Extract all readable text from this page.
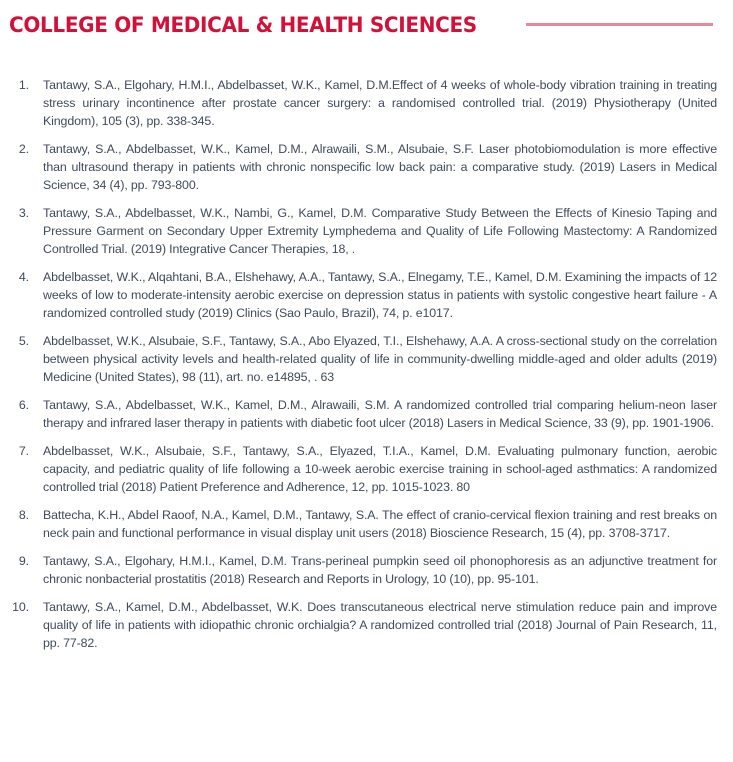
COLLEGE OF MEDICAL & HEALTH SCIENCES
1. Tantawy, S.A., Elgohary, H.M.I., Abdelbasset, W.K., Kamel, D.M.Effect of 4 weeks of whole-body vibration training in treating stress urinary incontinence after prostate cancer surgery: a randomised controlled trial. (2019) Physiotherapy (United Kingdom), 105 (3), pp. 338-345.
2. Tantawy, S.A., Abdelbasset, W.K., Kamel, D.M., Alrawaili, S.M., Alsubaie, S.F. Laser photobiomodulation is more effective than ultrasound therapy in patients with chronic nonspecific low back pain: a comparative study. (2019) Lasers in Medical Science, 34 (4), pp. 793-800.
3. Tantawy, S.A., Abdelbasset, W.K., Nambi, G., Kamel, D.M. Comparative Study Between the Effects of Kinesio Taping and Pressure Garment on Secondary Upper Extremity Lymphedema and Quality of Life Following Mastectomy: A Randomized Controlled Trial. (2019) Integrative Cancer Therapies, 18, .
4. Abdelbasset, W.K., Alqahtani, B.A., Elshehawy, A.A., Tantawy, S.A., Elnegamy, T.E., Kamel, D.M. Examining the impacts of 12 weeks of low to moderate-intensity aerobic exercise on depression status in patients with systolic congestive heart failure - A randomized controlled study (2019) Clinics (Sao Paulo, Brazil), 74, p. e1017.
5. Abdelbasset, W.K., Alsubaie, S.F., Tantawy, S.A., Abo Elyazed, T.I., Elshehawy, A.A. A cross-sectional study on the correlation between physical activity levels and health-related quality of life in community-dwelling middle-aged and older adults (2019) Medicine (United States), 98 (11), art. no. e14895, . 63
6. Tantawy, S.A., Abdelbasset, W.K., Kamel, D.M., Alrawaili, S.M. A randomized controlled trial comparing helium-neon laser therapy and infrared laser therapy in patients with diabetic foot ulcer (2018) Lasers in Medical Science, 33 (9), pp. 1901-1906.
7. Abdelbasset, W.K., Alsubaie, S.F., Tantawy, S.A., Elyazed, T.I.A., Kamel, D.M. Evaluating pulmonary function, aerobic capacity, and pediatric quality of life following a 10-week aerobic exercise training in school-aged asthmatics: A randomized controlled trial (2018) Patient Preference and Adherence, 12, pp. 1015-1023. 80
8. Battecha, K.H., Abdel Raoof, N.A., Kamel, D.M., Tantawy, S.A. The effect of cranio-cervical flexion training and rest breaks on neck pain and functional performance in visual display unit users (2018) Bioscience Research, 15 (4), pp. 3708-3717.
9. Tantawy, S.A., Elgohary, H.M.I., Kamel, D.M. Trans-perineal pumpkin seed oil phonophoresis as an adjunctive treatment for chronic nonbacterial prostatitis (2018) Research and Reports in Urology, 10 (10), pp. 95-101.
10. Tantawy, S.A., Kamel, D.M., Abdelbasset, W.K. Does transcutaneous electrical nerve stimulation reduce pain and improve quality of life in patients with idiopathic chronic orchialgia? A randomized controlled trial (2018) Journal of Pain Research, 11, pp. 77-82.
